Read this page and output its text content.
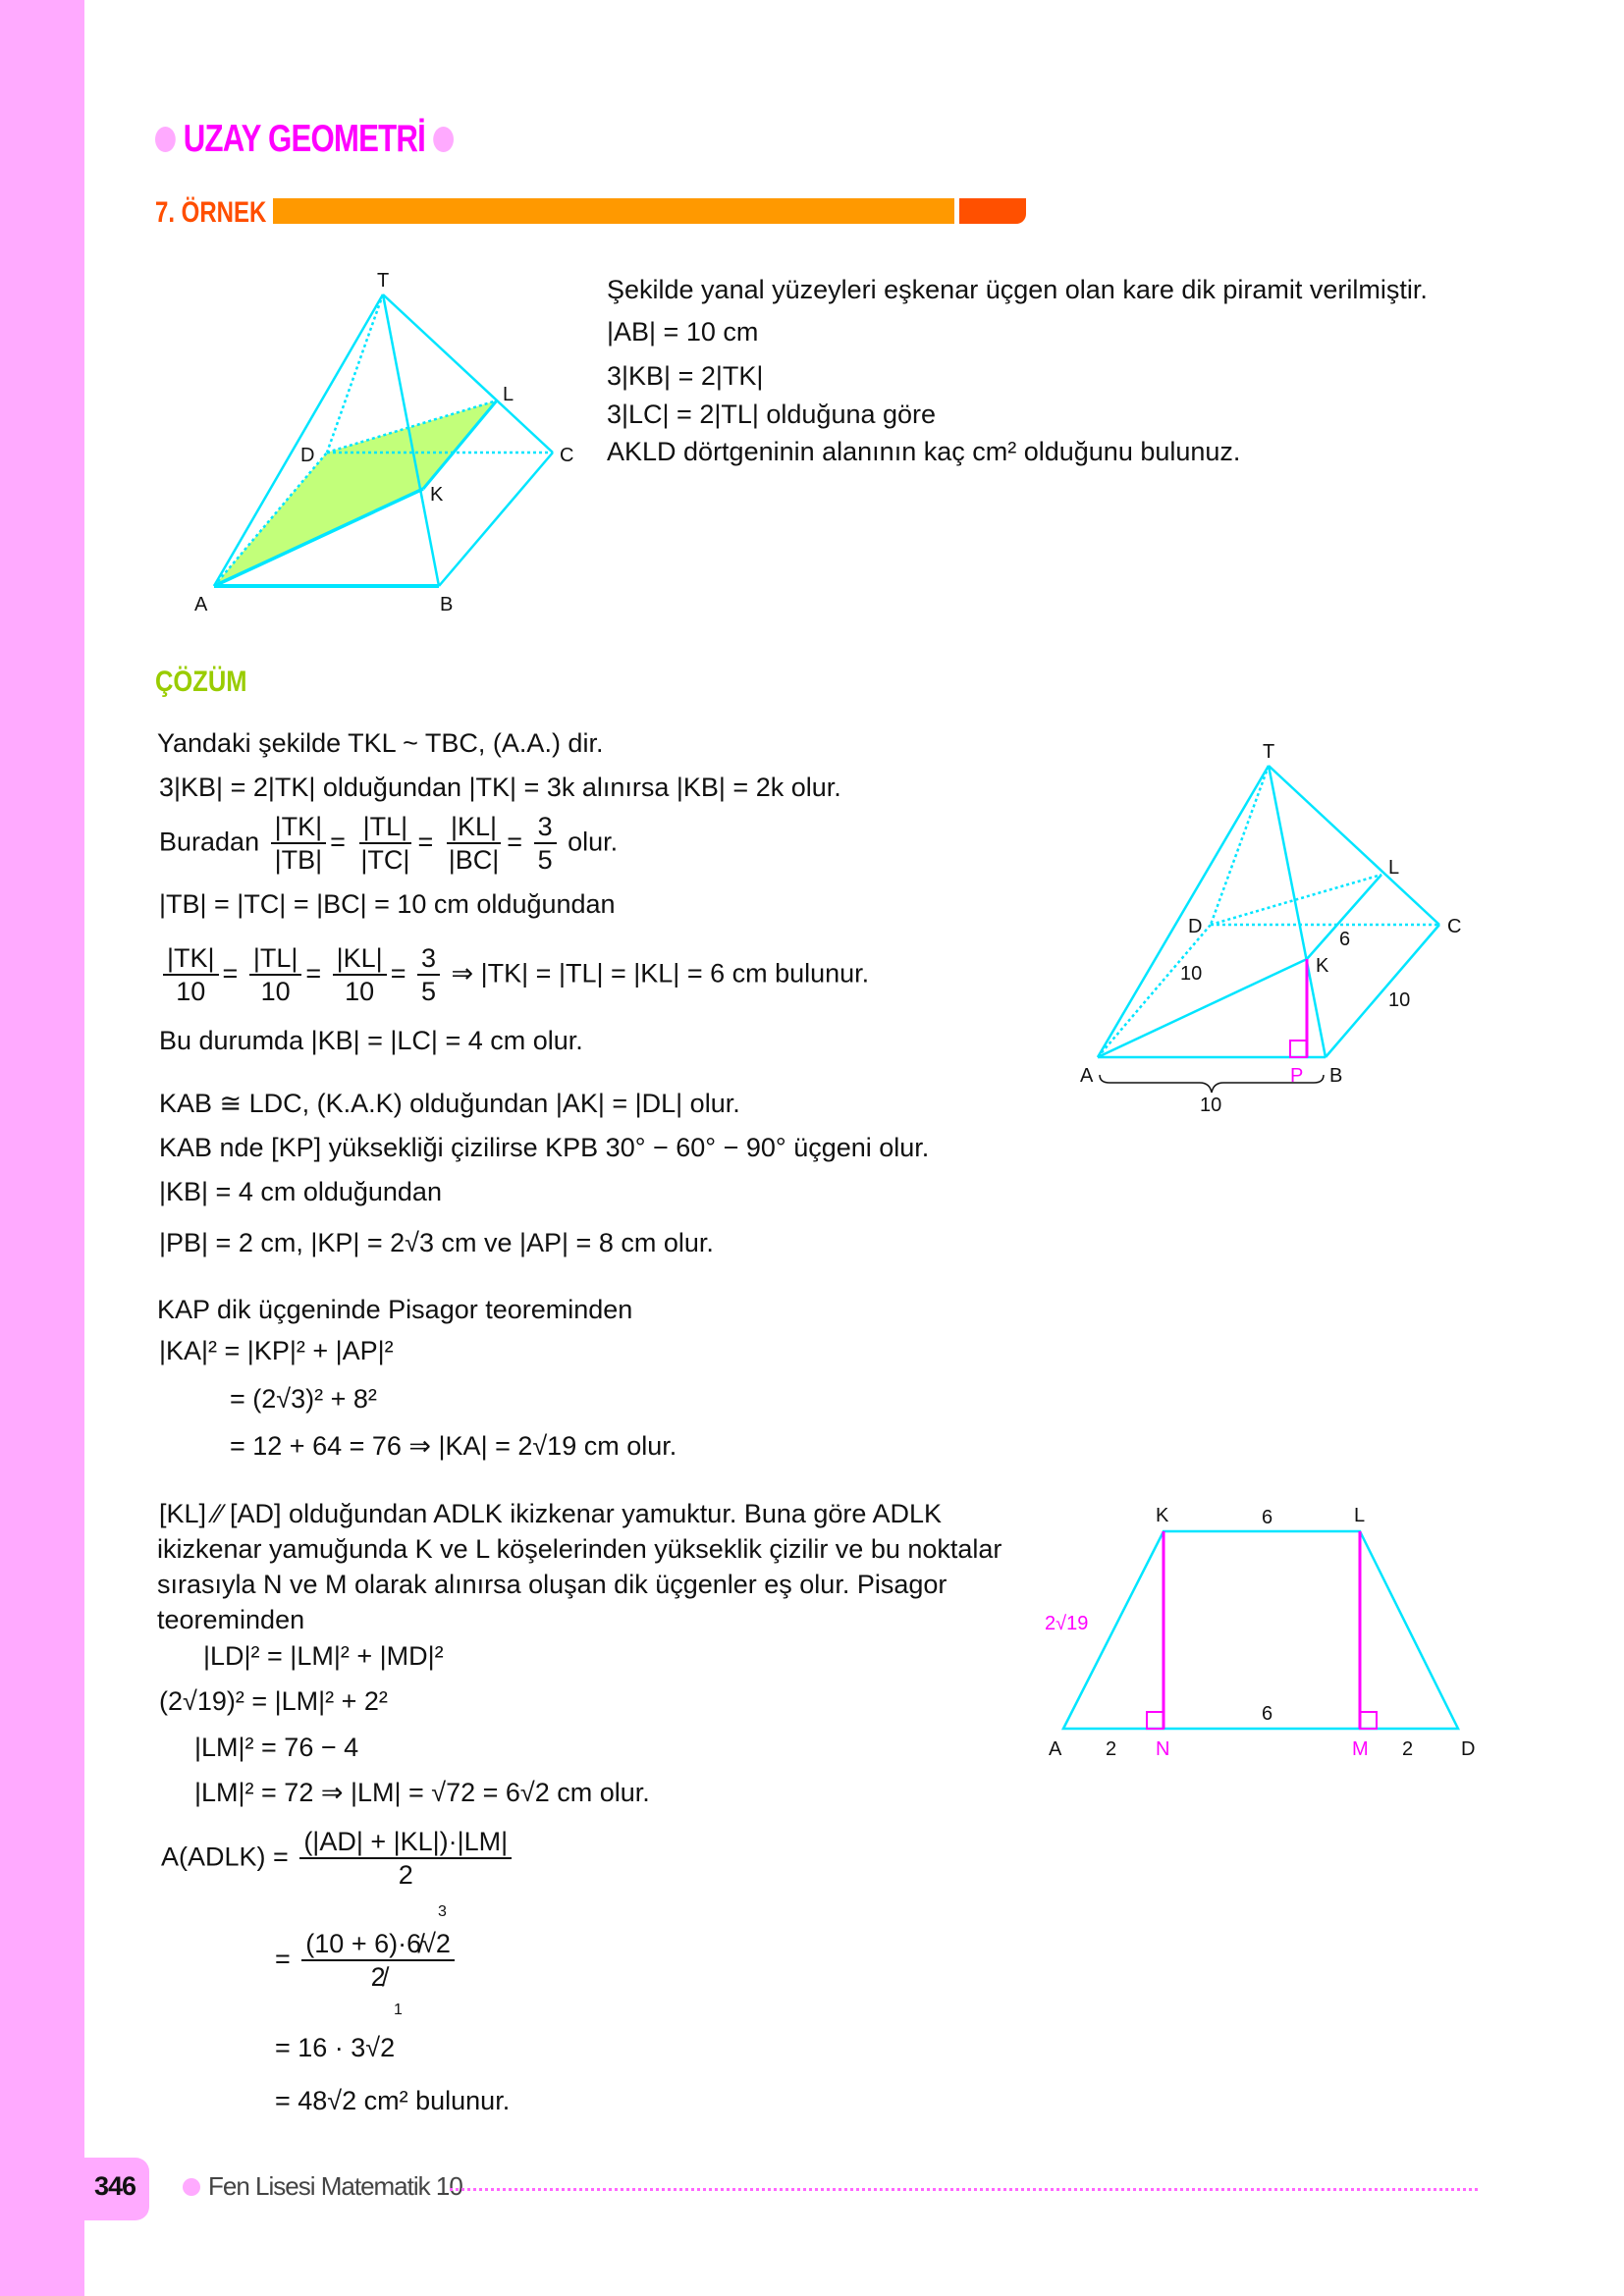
346
UZAY GEOMETRİ
7. ÖRNEK
T
A	B
C
D
K
L
Şekilde yanal yüzeyleri eşkenar üçgen olan kare dik piramit verilmiştir.
|AB| = 10 cm
3|KB| = 2|TK|
3|LC| = 2|TL| olduğuna göre
AKLD dörtgeninin alanının kaç cm² olduğunu bulunuz.
ÇÖZÜM
Yandaki şekilde TKL ~ TBC, (A.A.) dir.
3|KB| = 2|TK| olduğundan |TK| = 3k alınırsa |KB| = 2k olur.
Buradan $\frac{|TK|}{|TB|} = \frac{|TL|}{|TC|} = \frac{|KL|}{|BC|} = \frac{3}{5}$ olur.
|TB| = |TC| = |BC| = 10 cm olduğundan
$\frac{|TK|}{10} = \frac{|TL|}{10} = \frac{|KL|}{10} = \frac{3}{5}$ ⇒ |TK| = |TL| = |KL| = 6 cm bulunur.
Bu durumda |KB| = |LC| = 4 cm olur.
KAB ≅ LDC, (K.A.K) olduğundan |AK| = |DL| olur.
KAB nde [KP] yüksekliği çizilirse KPB 30° − 60° − 90° üçgeni olur.
|KB| = 4 cm olduğundan
|PB| = 2 cm, |KP| = 2√3 cm ve |AP| = 8 cm olur.
KAP dik üçgeninde Pisagor teoreminden
|KA|² = |KP|² + |AP|²
= (2√3)² + 8²
= 12 + 64 = 76 ⇒ |KA| = 2√19 cm olur.
[KL] ∕∕ [AD] olduğundan ADLK ikizkenar yamuktur. Buna göre ADLK
ikizkenar yamuğunda K ve L köşelerinden yükseklik çizilir ve bu noktalar
sırasıyla N ve M olarak alınırsa oluşan dik üçgenler eş olur. Pisagor
teoreminden
|LD|² = |LM|² + |MD|²
(2√19)² = |LM|² + 2²
|LM|² = 76 − 4
|LM|² = 72 ⇒ |LM| = √72 = 6√2 cm olur.
A(ADLK) = $\frac{(|AD| + |KL|)\cdot|LM|}{2}$
3
= $\frac{(10 + 6)\cdot 6̸√2}{2̸}$
1
= 16 · 3√2
= 48√2 cm² bulunur.
T
A	B
C
D
K
L
P
10
6
10
10
K	L
6
6
A 2 N	M 2 D
2√19
Fen Lisesi Matematik 10
